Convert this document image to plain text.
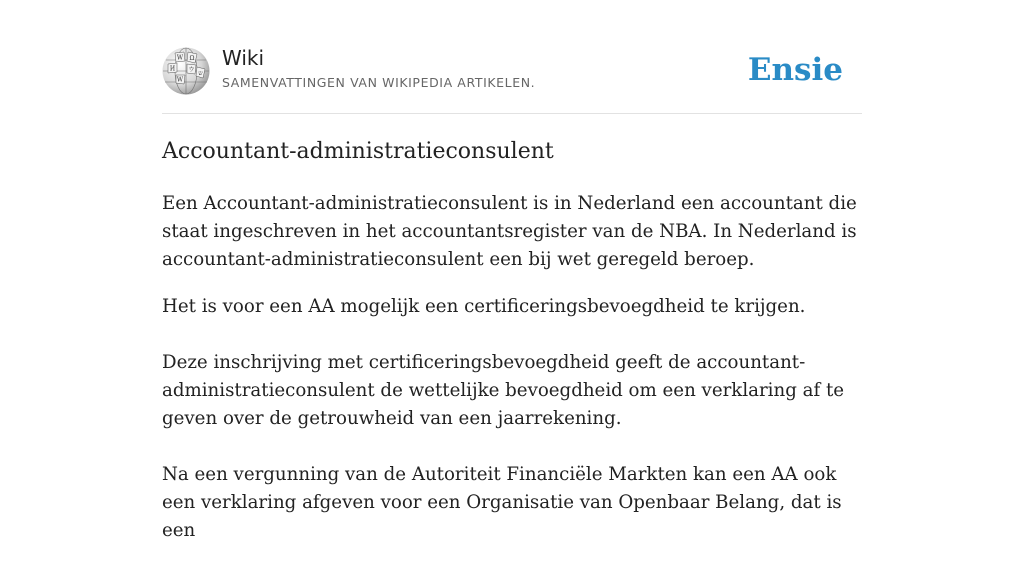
W Ω
И ウ
W
ש
Wiki
SAMENVATTINGEN VAN WIKIPEDIA ARTIKELEN.	Ensie
Accountant-administratieconsulent

Een Accountant-administratieconsulent is in Nederland een accountant die staat ingeschreven in het accountantsregister van de NBA. In Nederland is accountant-administratieconsulent een bij wet geregeld beroep.

Het is voor een AA mogelijk een certificeringsbevoegdheid te krijgen.

Deze inschrijving met certificeringsbevoegdheid geeft de accountant-administratieconsulent de wettelijke bevoegdheid om een verklaring af te geven over de getrouwheid van een jaarrekening.

Na een vergunning van de Autoriteit Financiële Markten kan een AA ook een verklaring afgeven voor een Organisatie van Openbaar Belang, dat is een
